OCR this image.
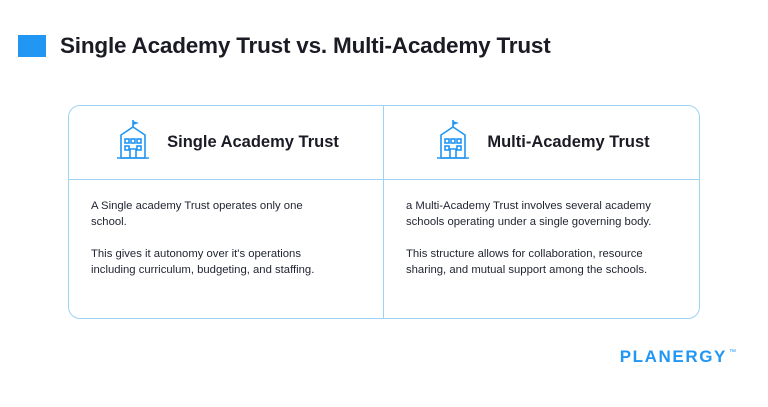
Single Academy Trust vs. Multi-Academy Trust
Single Academy Trust

A Single academy Trust operates only one school.

This gives it autonomy over it's operations including curriculum, budgeting, and staffing.

Multi-Academy Trust

a Multi-Academy Trust involves several academy schools operating under a single governing body.

This structure allows for collaboration, resource sharing, and mutual support among the schools.

PLANERGY ™
